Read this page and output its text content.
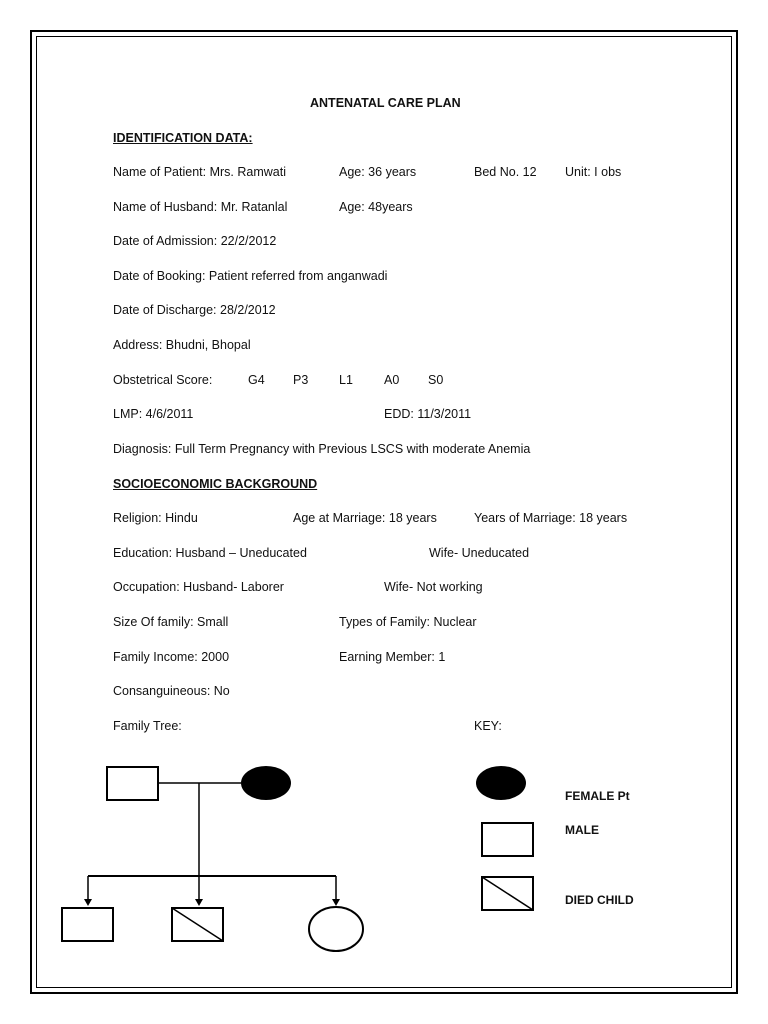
ANTENATAL CARE PLAN
IDENTIFICATION DATA:
Name of Patient: Mrs. Ramwati	Age: 36 years	Bed No. 12 Unit: I obs
Name of Husband: Mr. Ratanlal	Age: 48years
Date of Admission: 22/2/2012
Date of Booking: Patient referred from anganwadi
Date of Discharge: 28/2/2012
Address: Bhudni, Bhopal
Obstetrical Score:	G4 P3 L1 A0 S0
LMP: 4/6/2011	EDD: 11/3/2011
Diagnosis: Full Term Pregnancy with Previous LSCS with moderate Anemia
SOCIOECONOMIC BACKGROUND
Religion: Hindu	Age at Marriage: 18 years	Years of Marriage: 18 years
Education: Husband – Uneducated	Wife- Uneducated
Occupation: Husband- Laborer	Wife- Not working
Size Of family: Small	Types of Family: Nuclear
Family Income: 2000	Earning Member: 1
Consanguineous: No
Family Tree:	KEY:
FEMALE Pt
MALE
DIED CHILD
